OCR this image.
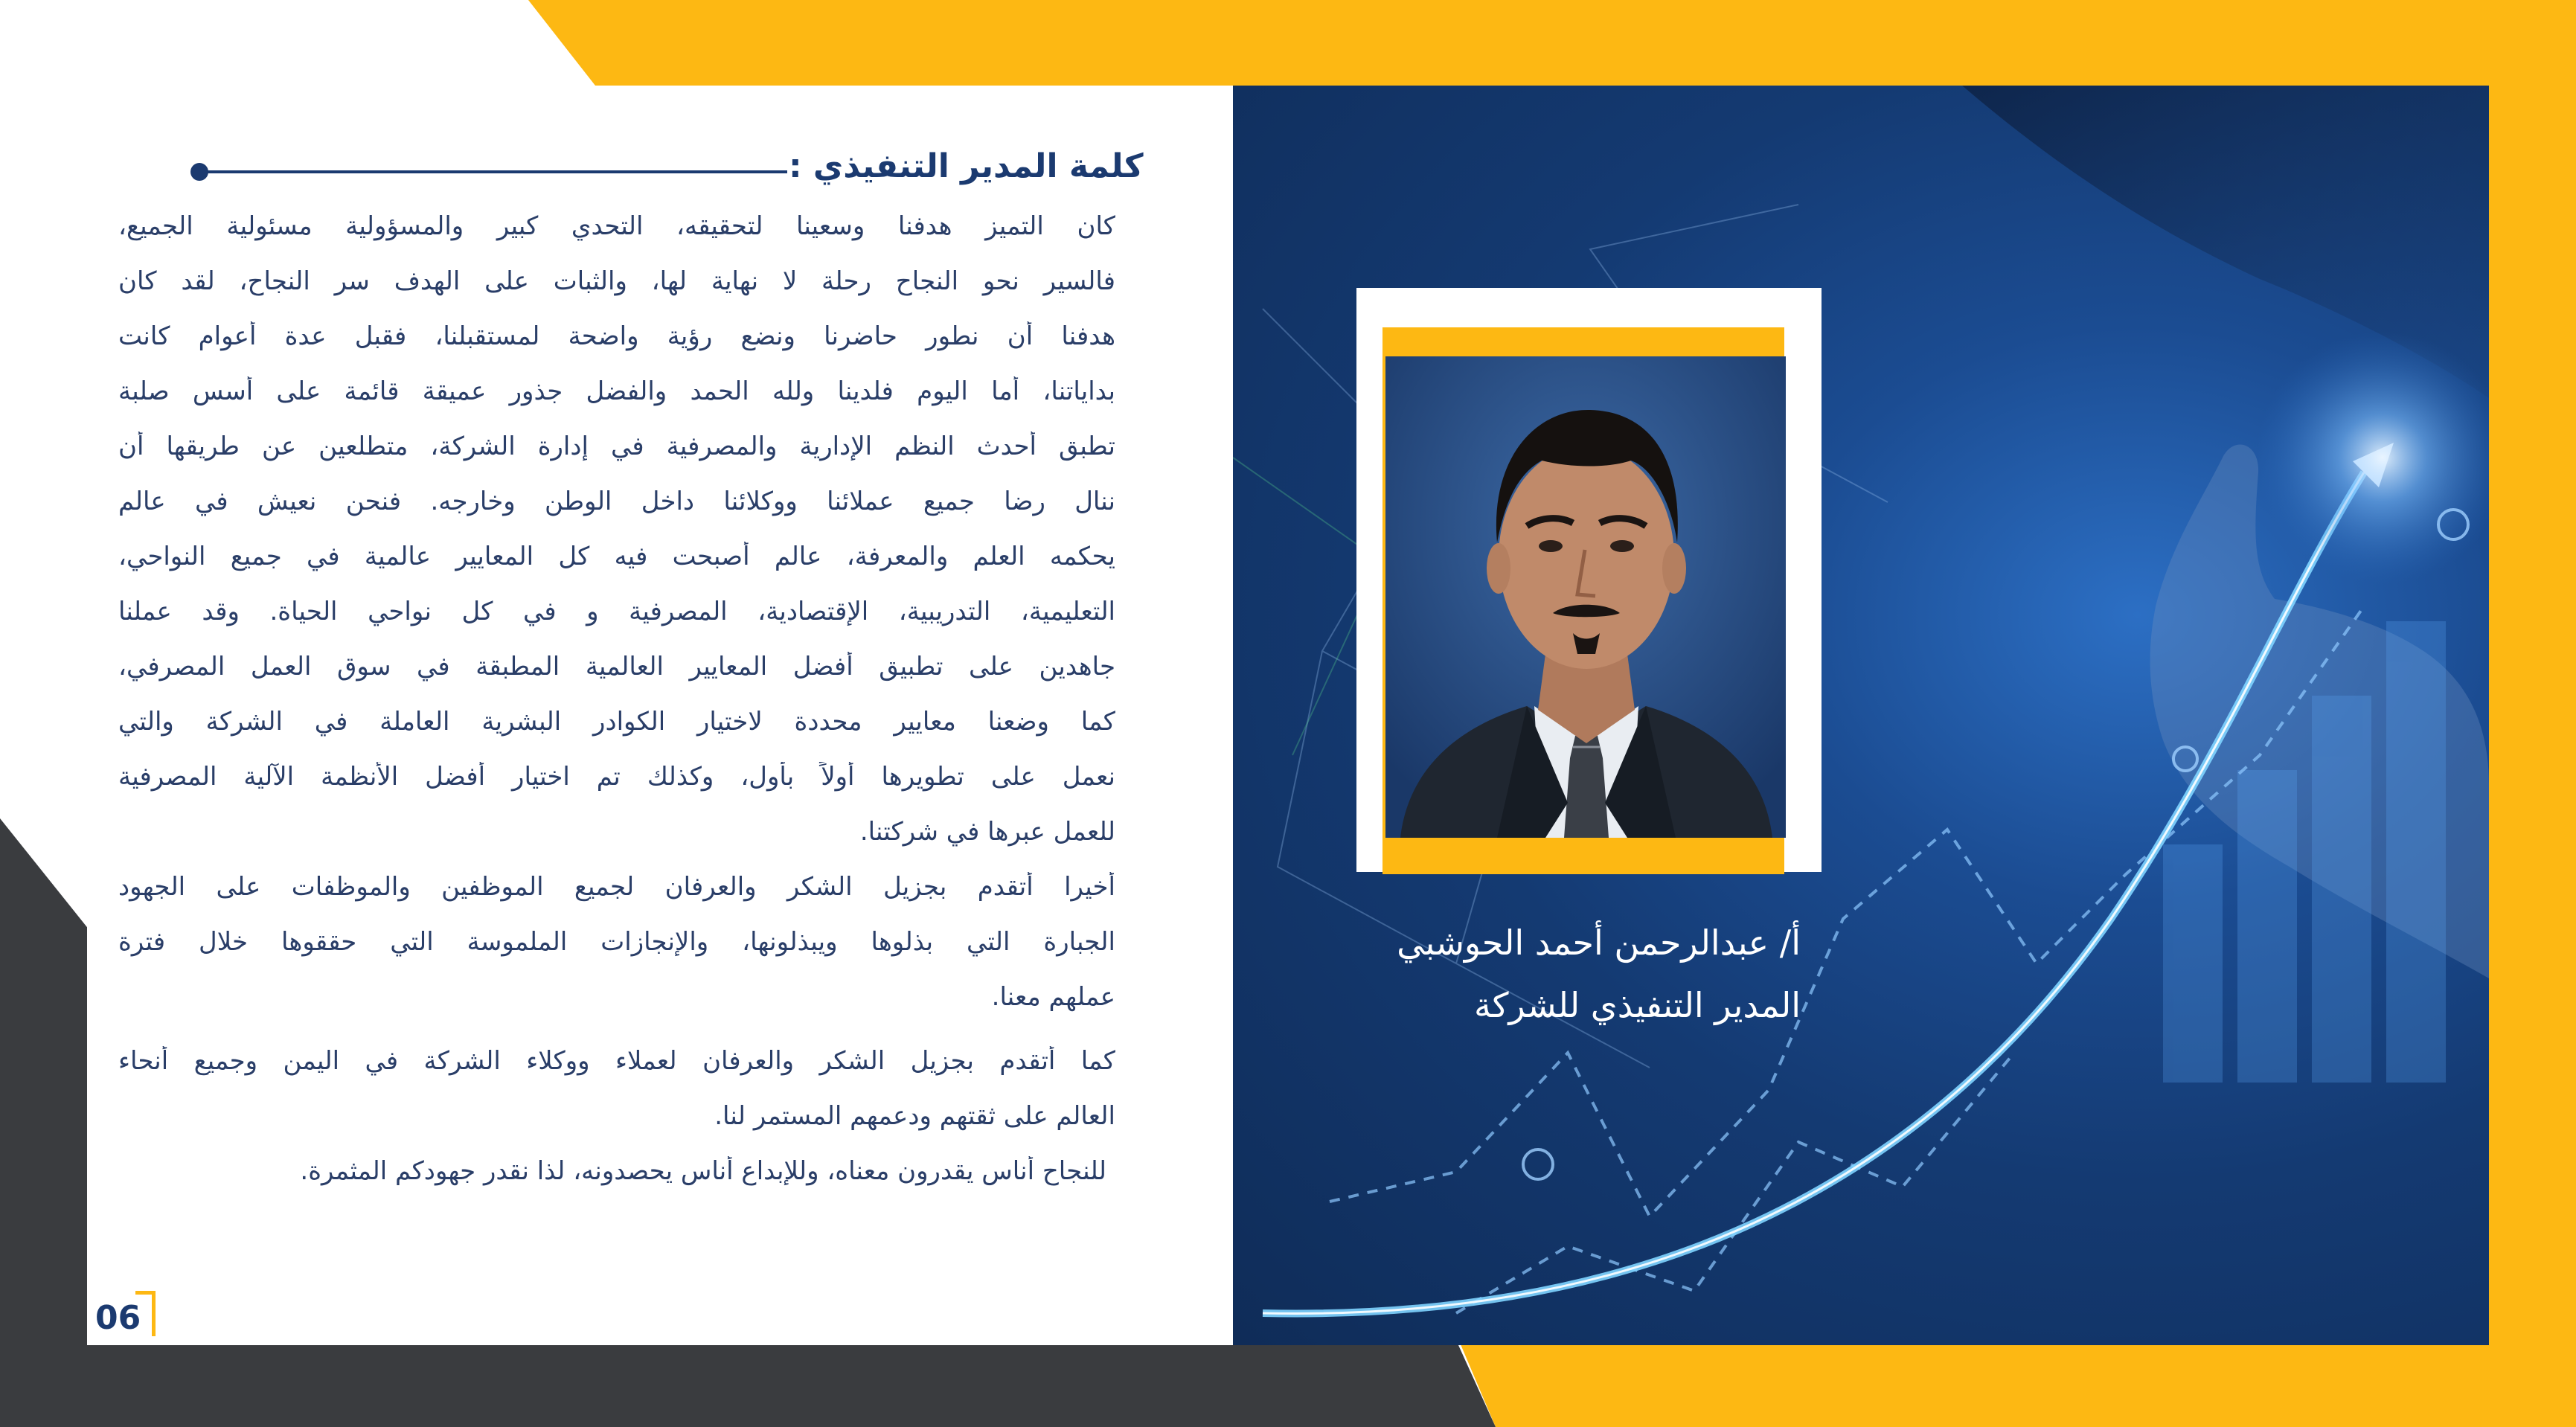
كلمة المدير التنفيذي :
كان التميز هدفنا وسعينا لتحقيقه، التحدي كبير والمسؤولية مسئولية الجميع،
فالسير نحو النجاح رحلة لا نهاية لها، والثبات على الهدف سر النجاح، لقد كان
هدفنا أن نطور حاضرنا ونضع رؤية واضحة لمستقبلنا، فقبل عدة أعوام كانت
بداياتنا، أما اليوم فلدينا ولله الحمد والفضل جذور عميقة قائمة على أسس صلبة
تطبق أحدث النظم الإدارية والمصرفية في إدارة الشركة، متطلعين عن طريقها أن
ننال رضا جميع عملائنا ووكلائنا داخل الوطن وخارجه. فنحن نعيش في عالم
يحكمه العلم والمعرفة، عالم أصبحت فيه كل المعايير عالمية في جميع النواحي،
التعليمية، التدريبية، الإقتصادية، المصرفية و في كل نواحي الحياة. وقد عملنا
جاهدين على تطبيق أفضل المعايير العالمية المطبقة في سوق العمل المصرفي،
كما وضعنا معايير محددة لاختيار الكوادر البشرية العاملة في الشركة والتي
نعمل على تطويرها أولاً بأول، وكذلك تم اختيار أفضل الأنظمة الآلية المصرفية
للعمل عبرها في شركتنا.
أخيرا أتقدم بجزيل الشكر والعرفان لجميع الموظفين والموظفات على الجهود
الجبارة التي بذلوها ويبذلونها، والإنجازات الملموسة التي حققوها خلال فترة
عملهم معنا.
كما أتقدم بجزيل الشكر والعرفان لعملاء ووكلاء الشركة في اليمن وجميع أنحاء
العالم على ثقتهم ودعمهم المستمر لنا.
للنجاح أناس يقدرون معناه، وللإبداع أناس يحصدونه، لذا نقدر جهودكم المثمرة.
06
أ/ عبدالرحمن أحمد الحوشبي
المدير التنفيذي للشركة
